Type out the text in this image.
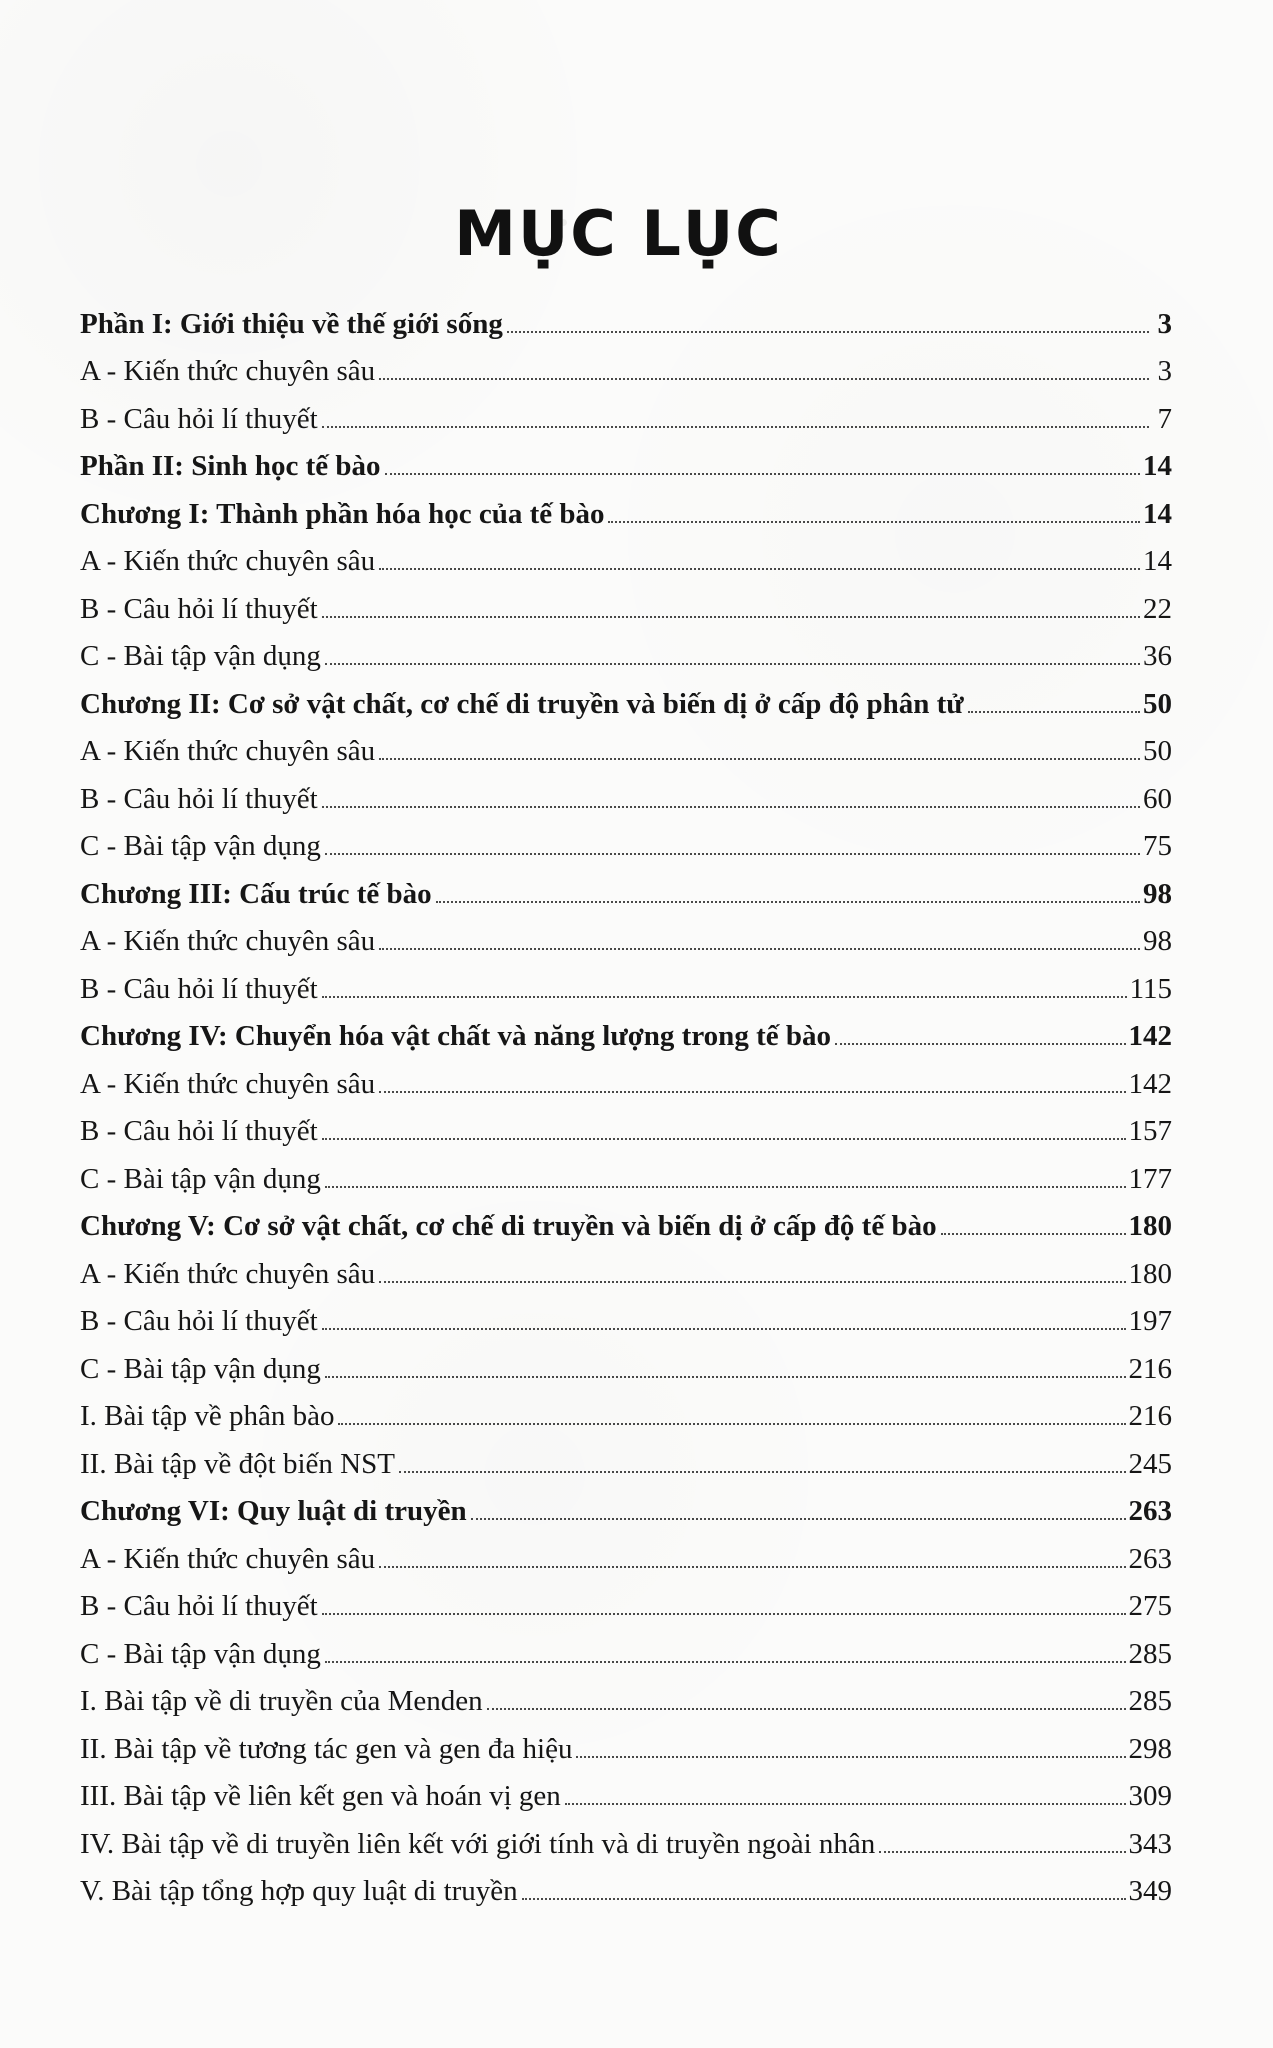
MỤC LỤC
Phần I: Giới thiệu về thế giới sống	3
A - Kiến thức chuyên sâu	3
B - Câu hỏi lí thuyết	7
Phần II: Sinh học tế bào	14
Chương I: Thành phần hóa học của tế bào	14
A - Kiến thức chuyên sâu	14
B - Câu hỏi lí thuyết	22
C - Bài tập vận dụng	36
Chương II: Cơ sở vật chất, cơ chế di truyền và biến dị ở cấp độ phân tử	50
A - Kiến thức chuyên sâu	50
B - Câu hỏi lí thuyết	60
C - Bài tập vận dụng	75
Chương III: Cấu trúc tế bào	98
A - Kiến thức chuyên sâu	98
B - Câu hỏi lí thuyết	115
Chương IV: Chuyển hóa vật chất và năng lượng trong tế bào	142
A - Kiến thức chuyên sâu	142
B - Câu hỏi lí thuyết	157
C - Bài tập vận dụng	177
Chương V: Cơ sở vật chất, cơ chế di truyền và biến dị ở cấp độ tế bào	180
A - Kiến thức chuyên sâu	180
B - Câu hỏi lí thuyết	197
C - Bài tập vận dụng	216
I. Bài tập về phân bào	216
II. Bài tập về đột biến NST	245
Chương VI: Quy luật di truyền	263
A - Kiến thức chuyên sâu	263
B - Câu hỏi lí thuyết	275
C - Bài tập vận dụng	285
I. Bài tập về di truyền của Menden	285
II. Bài tập về tương tác gen và gen đa hiệu	298
III. Bài tập về liên kết gen và hoán vị gen	309
IV. Bài tập về di truyền liên kết với giới tính và di truyền ngoài nhân	343
V. Bài tập tổng hợp quy luật di truyền	349
